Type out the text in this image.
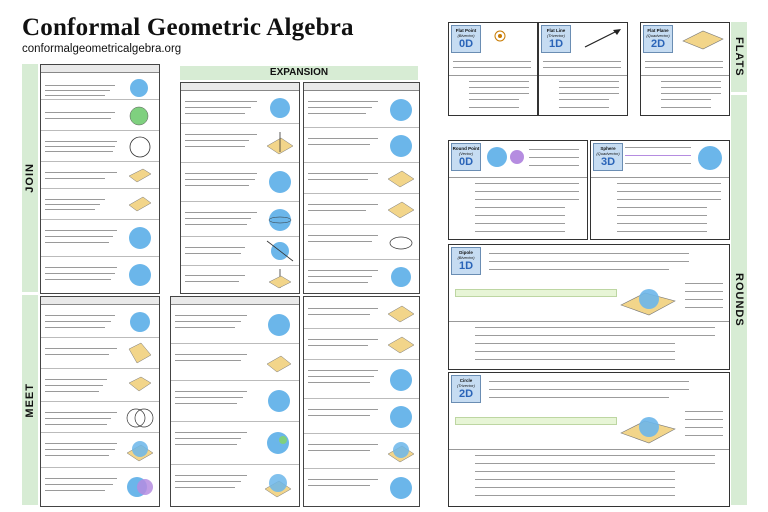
Conformal Geometric Algebra
conformalgeometricalgebra.org
JOIN
MEET
FLATS
ROUNDS
EXPANSION
Flat Point
(Bivector)
0D
Flat Line
(Trivector)
1D
Flat Plane
(Quadvector)
2D
Round Point
(Vector)
0D
Sphere
(Quadvector)
3D
Dipole
(Bivector)
1D
Circle
(Trivector)
2D
